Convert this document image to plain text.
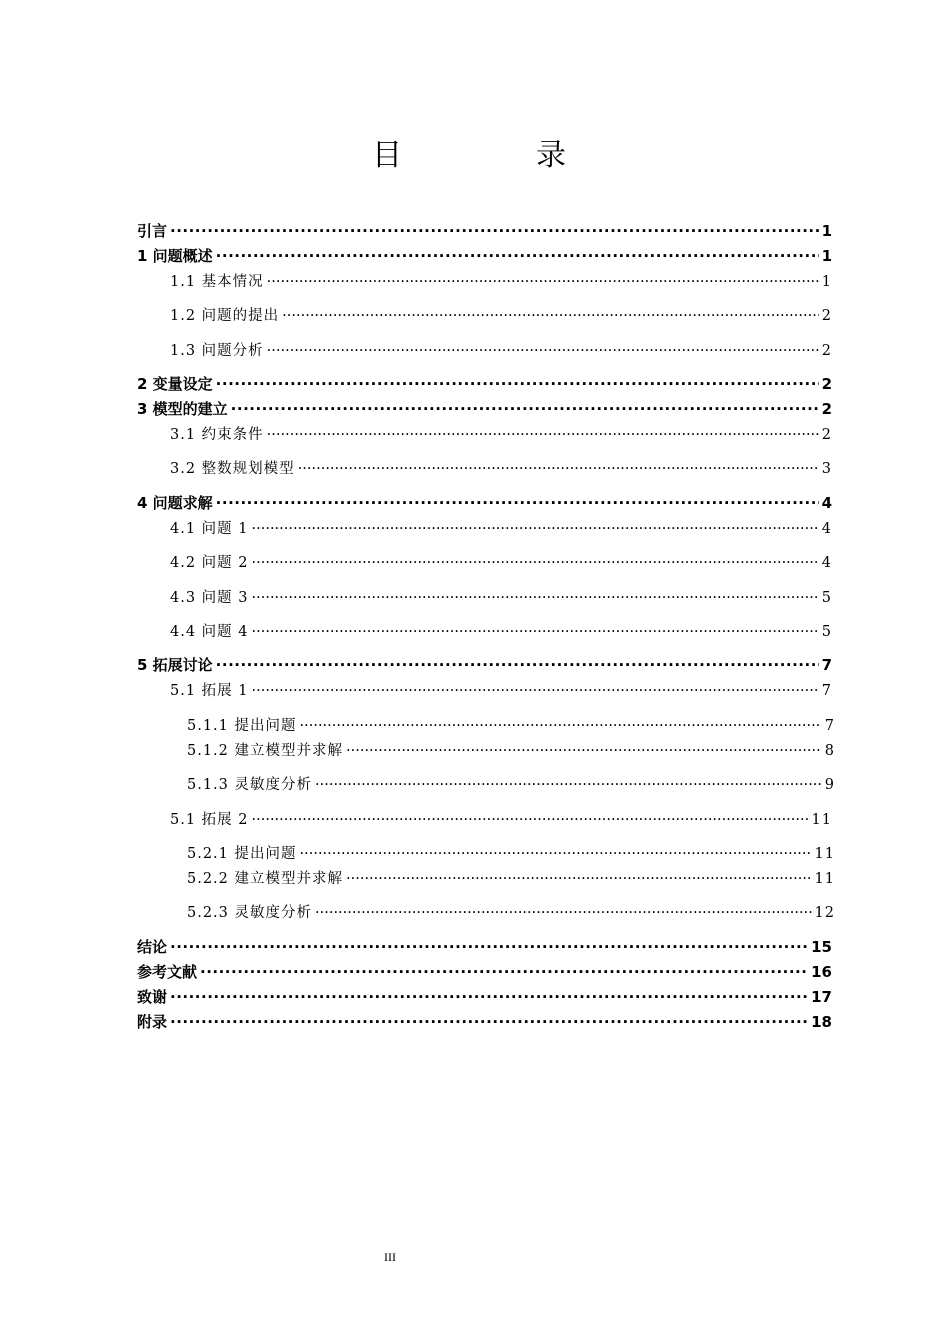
目　录
引言 ·····	1
1 问题概述 ·····	1
1.1 基本情况 ·····	1
1.2 问题的提出 ·····	2
1.3 问题分析 ·····	2
2 变量设定 ·····	2
3 模型的建立 ·····	2
3.1 约束条件 ·····	2
3.2 整数规划模型 ·····	3
4 问题求解 ·····	4
4.1 问题 1 ·····	4
4.2 问题 2 ·····	4
4.3 问题 3 ·····	5
4.4 问题 4 ·····	5
5 拓展讨论 ·····	7
5.1 拓展 1 ·····	7
5.1.1 提出问题 ·····	7
5.1.2 建立模型并求解 ·····	8
5.1.3 灵敏度分析 ·····	9
5.1 拓展 2 ·····	11
5.2.1 提出问题 ·····	11
5.2.2 建立模型并求解 ·····	11
5.2.3 灵敏度分析 ·····	12
结论 ·····	15
参考文献 ·····	16
致谢 ·····	17
附录 ·····	18
III
